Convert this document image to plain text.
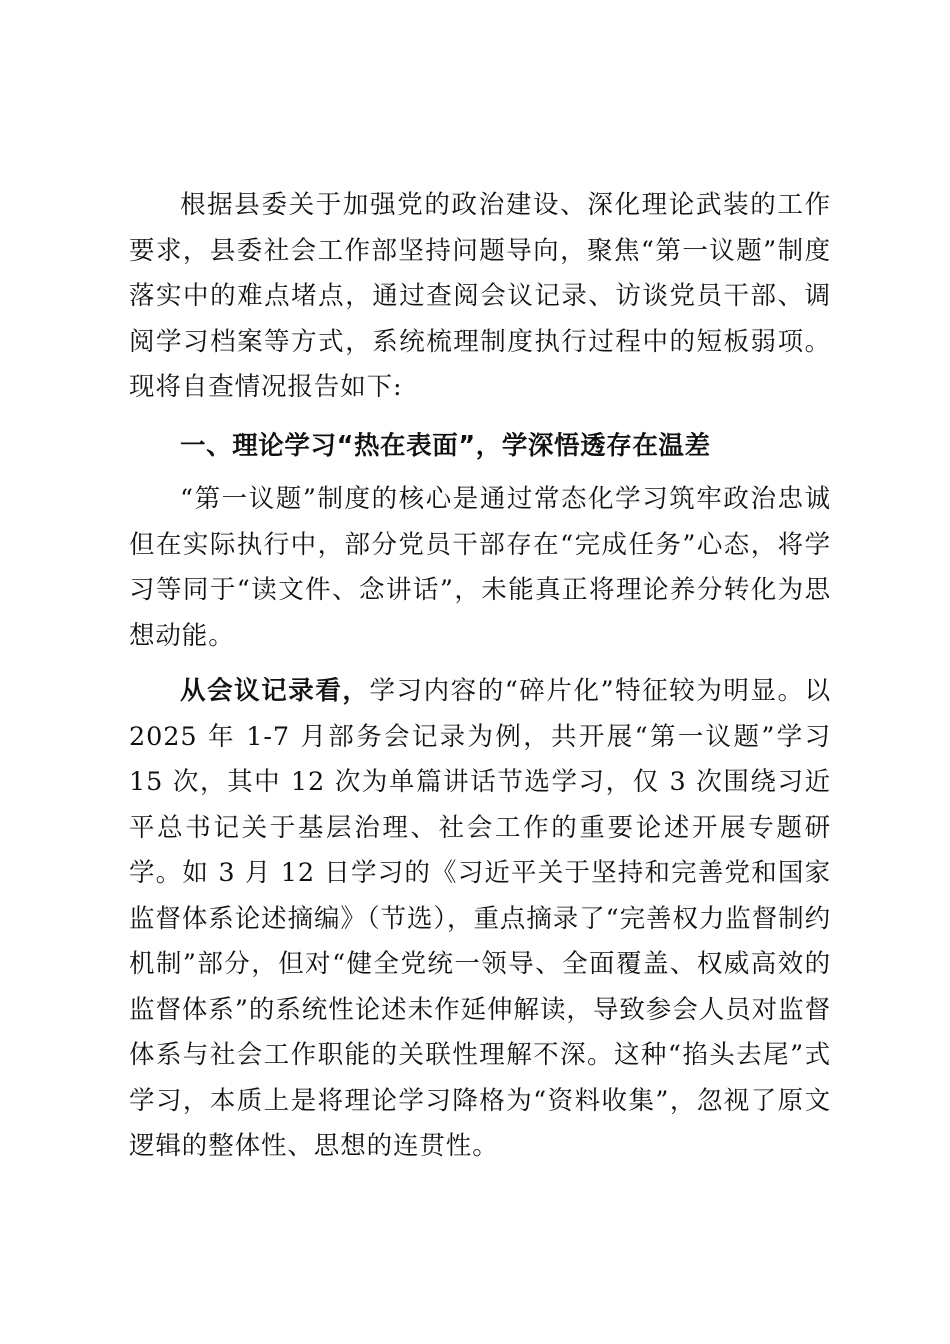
根据县委关于加强党的政治建设、深化理论武装的工作要求，县委社会工作部坚持问题导向，聚焦“第一议题”制度落实中的难点堵点，通过查阅会议记录、访谈党员干部、调阅学习档案等方式，系统梳理制度执行过程中的短板弱项。现将自查情况报告如下:

一、理论学习“热在表面”，学深悟透存在温差

“第一议题”制度的核心是通过常态化学习筑牢政治忠诚但在实际执行中，部分党员干部存在“完成任务”心态，将学习等同于“读文件、念讲话”，未能真正将理论养分转化为思想动能。

从会议记录看，学习内容的“碎片化”特征较为明显。以 2025 年 1-7 月部务会记录为例，共开展“第一议题”学习 15 次，其中 12 次为单篇讲话节选学习，仅 3 次围绕习近平总书记关于基层治理、社会工作的重要论述开展专题研学。如 3 月 12 日学习的《习近平关于坚持和完善党和国家监督体系论述摘编》（节选），重点摘录了“完善权力监督制约机制”部分，但对“健全党统一领导、全面覆盖、权威高效的监督体系”的系统性论述未作延伸解读，导致参会人员对监督体系与社会工作职能的关联性理解不深。这种“掐头去尾”式学习，本质上是将理论学习降格为“资料收集”，忽视了原文逻辑的整体性、思想的连贯性。
